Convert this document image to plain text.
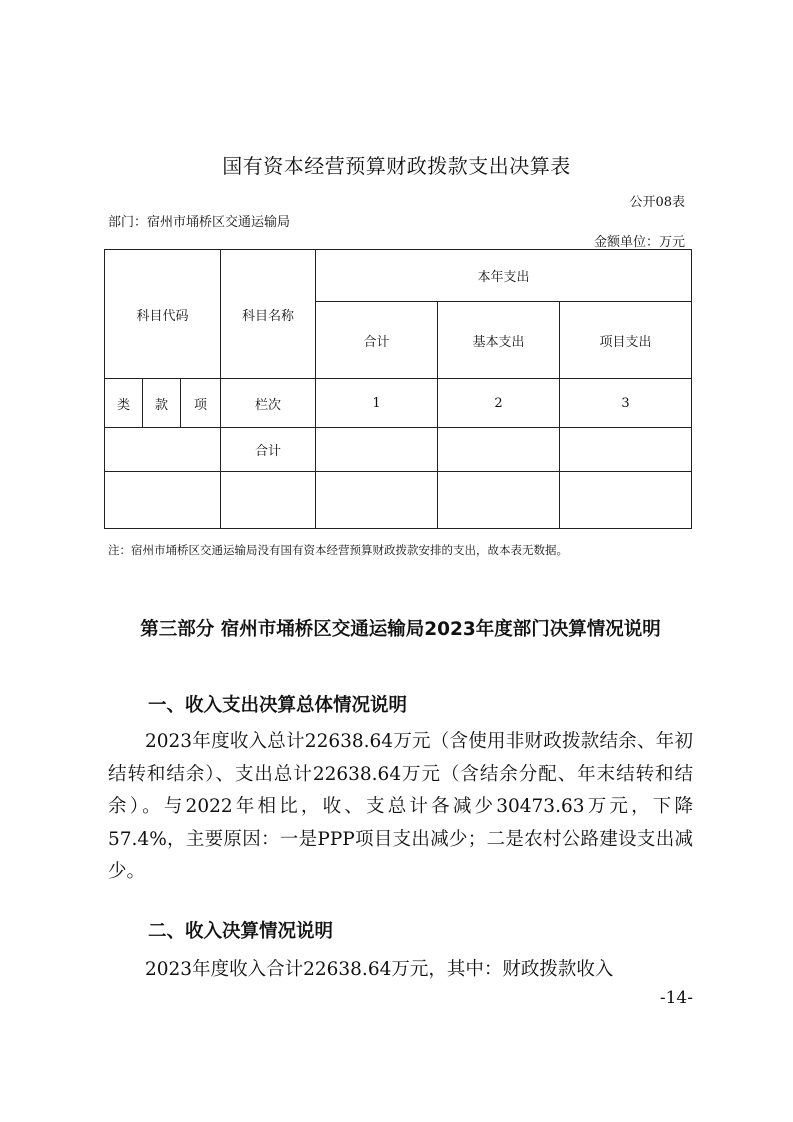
国有资本经营预算财政拨款支出决算表
公开08表
部门：宿州市埇桥区交通运输局
金额单位：万元
科目代码			科目名称	本年支出		
				合计	基本支出	项目支出
类	款	项	栏次	1	2	3
			合计			

注：宿州市埇桥区交通运输局没有国有资本经营预算财政拨款安排的支出，故本表无数据。
第三部分 宿州市埇桥区交通运输局2023年度部门决算情况说明
一、收入支出决算总体情况说明
2023年度收入总计22638.64万元（含使用非财政拨款结余、年初结转和结余）、支出总计22638.64万元（含结余分配、年末结转和结余）。与2022年相比，收、支总计各减少30473.63万元，下降57.4%，主要原因：一是PPP项目支出减少；二是农村公路建设支出减少。
二、收入决算情况说明
2023年度收入合计22638.64万元，其中：财政拨款收入
-14-
